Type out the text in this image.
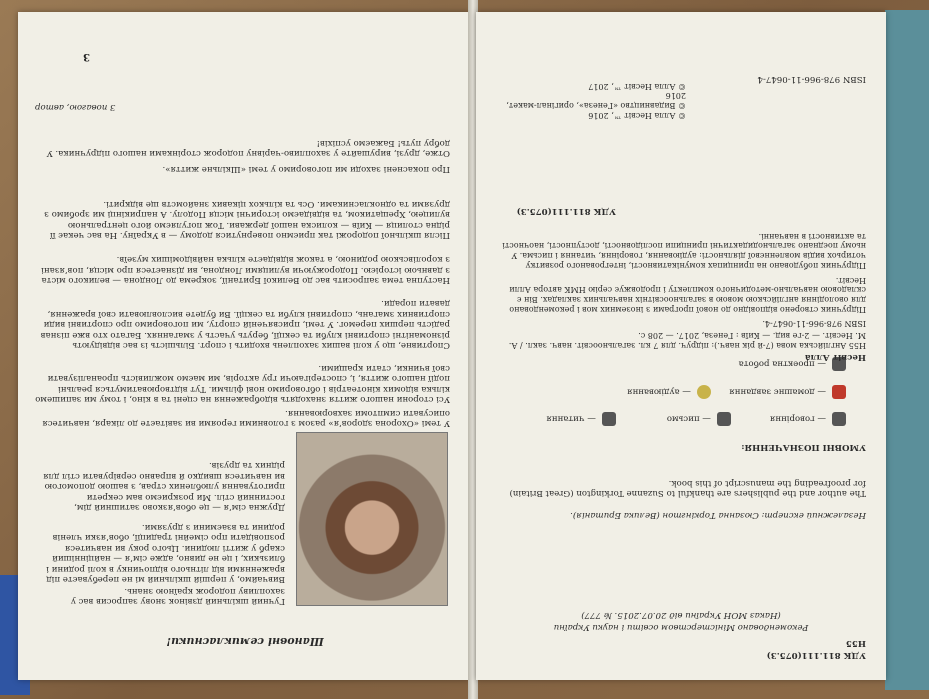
Шановні семикласники!
Гучний шкільний дзвінок знову запросив вас у захопливу подорож країною знань.
Вивчаймо, у першій шкільний мі не перебуваєте під враженнями від літнього відпочинку в колі родини і близьких, і це не дивно, адже сім’я — найцінніший скарб у житті людини. Цього року ви навчитеся розповідати про сімейні традиції, обов’язки членів родини та взаємини з друзями.
Дружна сім’я — це обов’язково затишний дім, гостинний стіл. Ми розкриємо вам секрети приготування улюблених страв, з вашою допомогою ви навчитеся швидко й вправно сервірувати стіл для рідних та друзів.
У темі «Охорона здоров’я» разом з головними героями ви завітаєте до лікаря, навчитеся описувати симптоми захворювання.
Усі сторони нашого життя знаходять відображення на сцені та в кіно, і тому ми запишемо кілька відомих кінотеатрів і обговоримо нові фільми. Тут відтворюватимуться реальні події нашого життя, і, спостерігаючи гру акторів, ми маємо можливість проаналізувати свої вчинки, стати кращими.
Спортивне, що у колі ваших захоплень входить і спорт. Більшість із вас відвідують різноманітні спортивні клуби та секції, беруть участь у змаганнях. Багато хто вже пізнав радість перших перемог. У темі, присвяченій спорту, ми поговоримо про спортивні види спортивних змагань, спортивні клуби та секції. Ви будете висловлювати свої враження, давати поради.
Наступна тема запросить вас до Великої Британії, зокрема до Лондона — великого міста з давньою історією. Подорожуючи вулицями Лондона, ви дізнаєтеся про місця, пов’язані з королівською родиною, а також відвідаєте кілька найвідоміших музеїв.
Після шкільної подорожі так приємно повернутися додому — в Україну. На вас чекає її рідна столиця — Київ — колиска нашої держави. Тож погуляємо його центральною вулицею, Хрещатиком, та відвідаємо історичні місця Подолу. А наприкінці ми зробимо з друзями та однокласниками. Ось та кількох цікавих знайомств ще відкриті.
Про покаснені заходи ми поговоримо у темі «Шкільне життя».
Отже, друзі, вирушайте у захопливо-чарівну подорож сторінками нашого підручника. У добру путь! Бажаємо успіхів!
З повагою, автор
3
УДК 811.111(075.3)
Н55
Рекомендовано Міністерством освіти і науки України
(Наказ МОН України від 20.07.2015. № 777)
Незалежний експерт: Сюзанна Торкінгтон (Велика Британія).
The author and the publishers are thankful to Suzanne Torkington (Great Britain) for proofreading the manuscript of this book.
УМОВНІ ПОЗНАЧЕННЯ:
— говоріння — письмо — читання — домашнє завдання — аудіювання — проектна робота
Несвіт Алла
Н55 Англійська мова (7-й рік навч.): підруч. для 7 кл. загальноосвіт. навч. закл. / А. М. Несвіт. — 2-ге вид. — Київ : Генеза, 2017. — 208 с.
ISBN 978-966-11-0647-4.
Підручник створено відповідно до нової програми з іноземних мов і рекомендовано для оволодіння англійською мовою в загальноосвітніх навчальних закладах. Він є складовою навчально-методичного комплекту і продовжує серію НМК автора Алли Несвіт.
Підручник побудовано на принципах комунікативності, інтегрованого розвитку чотирьох видів мовленнєвої діяльності: аудіювання, говоріння, читання і письма. У ньому поєднано загальнодидактичні принципи послідовності, доступності, наочності та активності в навчанні.
УДК 811.111(075.3)
© Алла Несвіт ™, 2016
© Видавництво «Генеза», оригінал-макет, 2016
© Алла Несвіт ™, 2017
ISBN 978-966-11-0647-4
